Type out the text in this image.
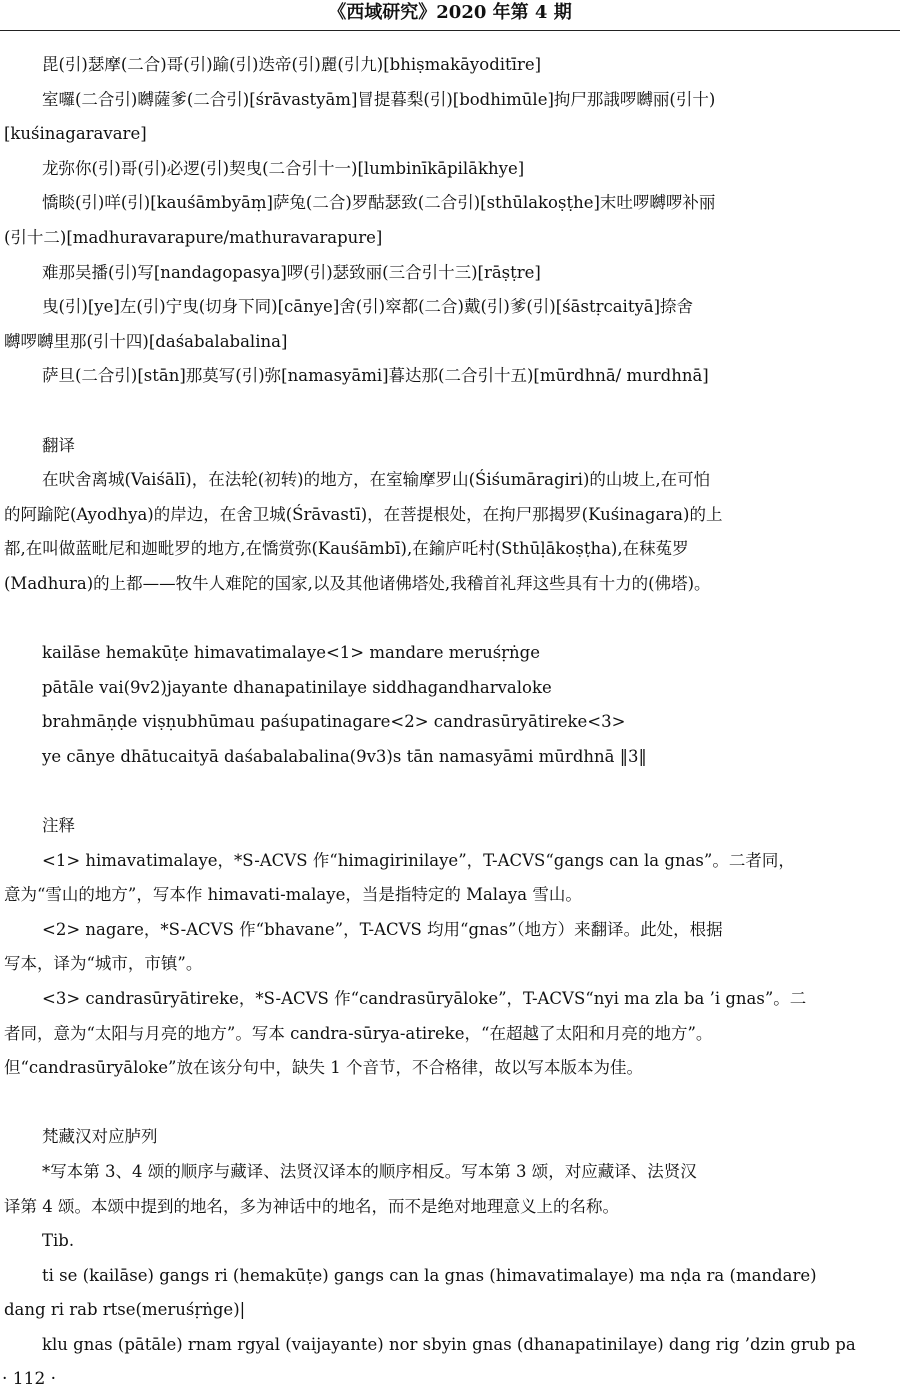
《西域研究》2020 年第 4 期
毘(引)瑟摩(二合)哥(引)踰(引)迭帝(引)麗(引九)[bhiṣmakāyoditīre]
室囉(二合引)嚩薩爹(二合引)[śrāvastyām]冒提暮梨(引)[bodhimūle]拘尸那誐啰嚩丽(引十)
[kuśinagaravare]
龙弥你(引)哥(引)必逻(引)契曳(二合引十一)[lumbinīkāpilākhye]
憍睒(引)咩(引)[kauśāmbyāṃ]萨兔(二合)罗酤瑟致(二合引)[sthūlakoṣṭhe]末吐啰嚩啰补丽
(引十二)[madhuravarapure/mathuravarapure]
难那吴播(引)写[nandagopasya]啰(引)瑟致丽(三合引十三)[rāṣṭre]
曳(引)[ye]左(引)宁曳(切身下同)[cānye]舍(引)窣都(二合)戴(引)爹(引)[śāstṛcaityā]捺舍
嚩啰嚩里那(引十四)[daśabalabalina]
萨旦(二合引)[stān]那莫写(引)弥[namasyāmi]暮达那(二合引十五)[mūrdhnā/ murdhnā]
翻译
在吠舍离城(Vaiśālī)，在法轮(初转)的地方，在室输摩罗山(Śiśumāragiri)的山坡上,在可怕
的阿踰陀(Ayodhya)的岸边，在舍卫城(Śrāvastī)，在菩提根处，在拘尸那揭罗(Kuśinagara)的上
都,在叫做蓝毗尼和迦毗罗的地方,在憍赏弥(Kauśāmbī),在鍮庐吒村(Sthūḷākoṣṭha),在秣菟罗
(Madhura)的上都——牧牛人难陀的国家,以及其他诸佛塔处,我稽首礼拜这些具有十力的(佛塔)。
kailāse hemakūṭe himavatimalaye<1> mandare meruśṛṅge
pātāle vai(9v2)jayante dhanapatinilaye siddhagandharvaloke
brahmāṇḍe viṣṇubhūmau paśupatinagare<2> candrasūryātireke<3>
ye cānye dhātucaityā daśabalabalina(9v3)s tān namasyāmi mūrdhnā ‖3‖
注释
<1> himavatimalaye，*S-ACVS 作“himagirinilaye”，T-ACVS“gangs can la gnas”。二者同，
意为“雪山的地方”，写本作 himavati-malaye，当是指特定的 Malaya 雪山。
<2> nagare，*S-ACVS 作“bhavane”，T-ACVS 均用“gnas”（地方）来翻译。此处，根据
写本，译为“城市，市镇”。
<3> candrasūryātireke，*S-ACVS 作“candrasūryāloke”，T-ACVS“nyi ma zla ba ’i gnas”。二
者同，意为“太阳与月亮的地方”。写本 candra-sūrya-atireke，“在超越了太阳和月亮的地方”。
但“candrasūryāloke”放在该分句中，缺失 1 个音节，不合格律，故以写本版本为佳。
梵藏汉对应胪列
*写本第 3、4 颂的顺序与藏译、法贤汉译本的顺序相反。写本第 3 颂，对应藏译、法贤汉
译第 4 颂。本颂中提到的地名，多为神话中的地名，而不是绝对地理意义上的名称。
Tib.
ti se (kailāse) gangs ri (hemakūṭe) gangs can la gnas (himavatimalaye) ma nḍa ra (mandare)
dang ri rab rtse(meruśṛṅge)|
klu gnas (pātāle) rnam rgyal (vaijayante) nor sbyin gnas (dhanapatinilaye) dang rig ’dzin grub pa
· 112 ·
